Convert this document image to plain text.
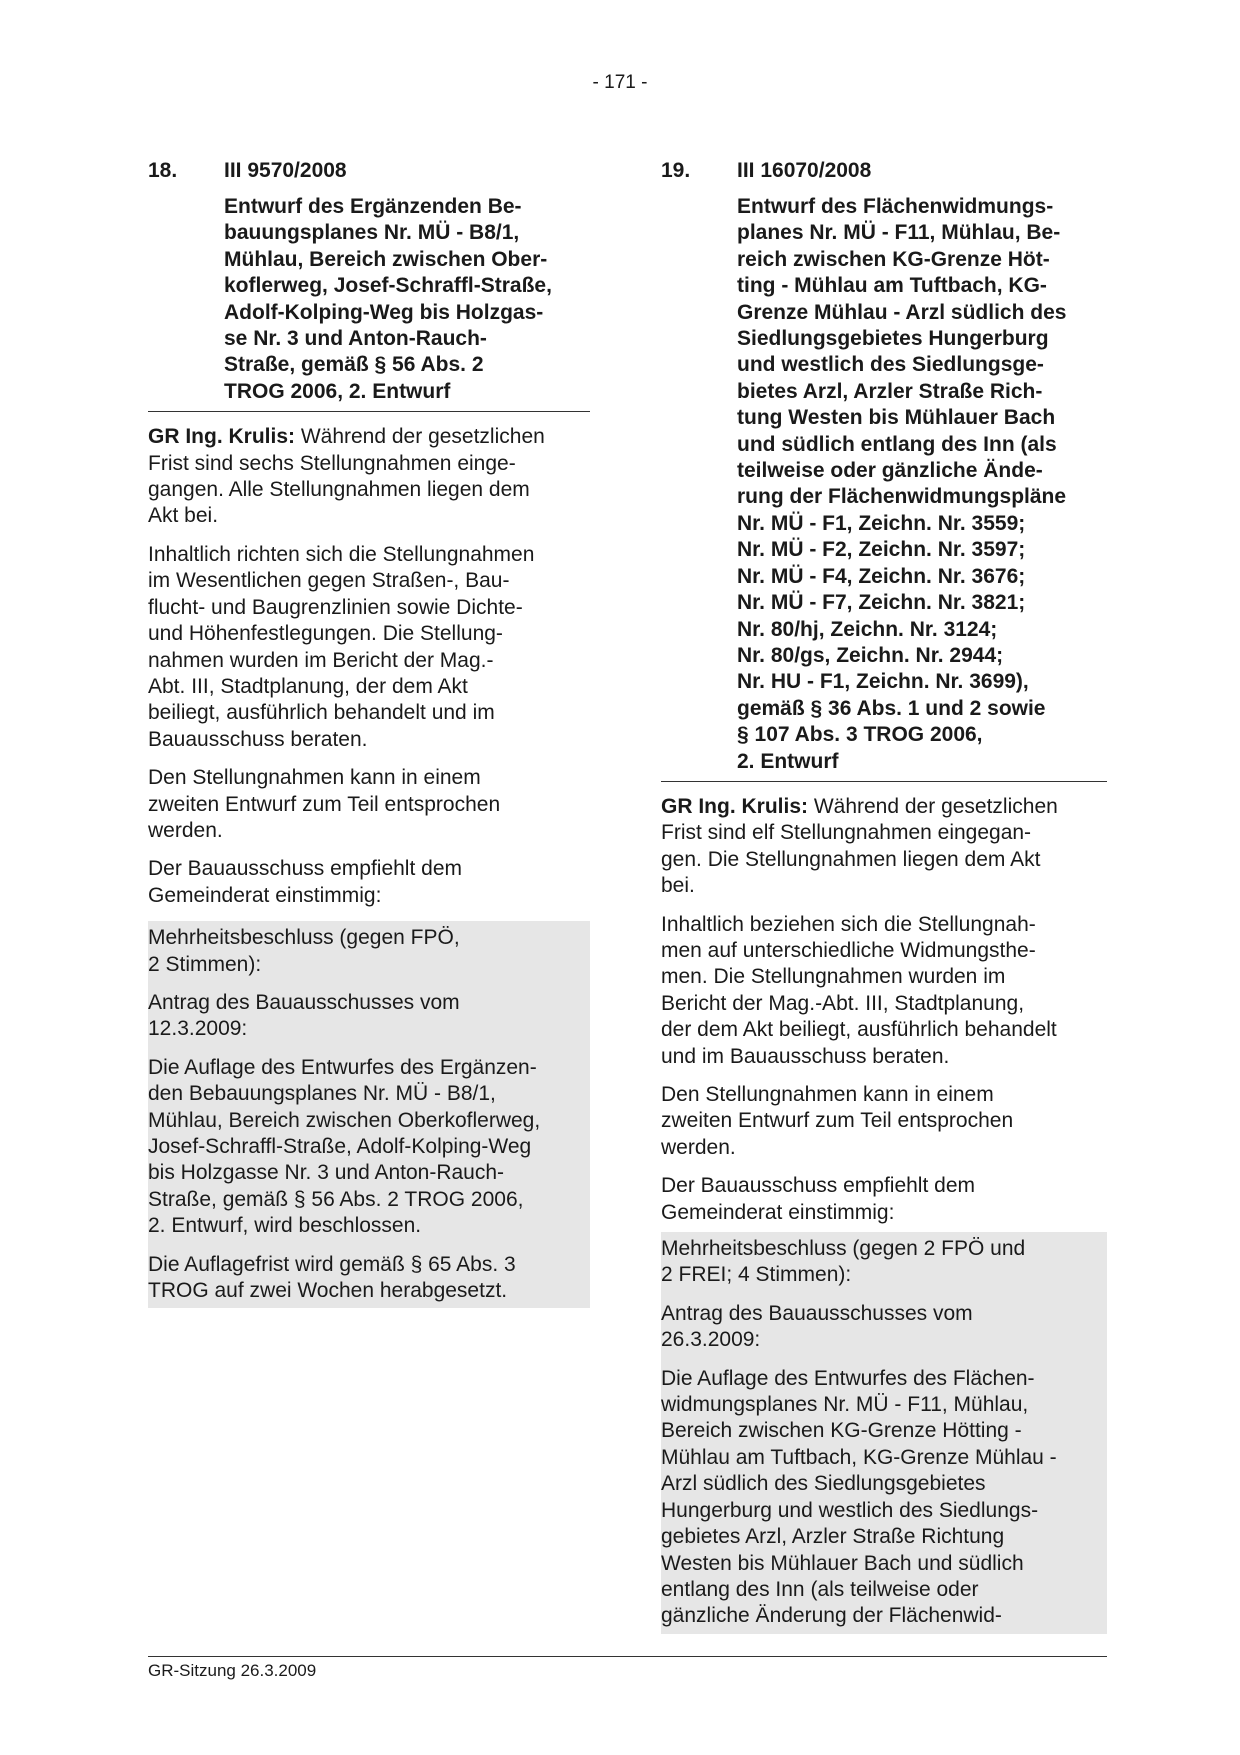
- 171 -
18.	III 9570/2008
Entwurf des Ergänzenden Be-
bauungsplanes Nr. MÜ - B8/1,
Mühlau, Bereich zwischen Ober-
koflerweg, Josef-Schraffl-Straße,
Adolf-Kolping-Weg bis Holzgas-
se Nr. 3 und Anton-Rauch-
Straße, gemäß § 56 Abs. 2
TROG 2006, 2. Entwurf

GR Ing. Krulis: Während der gesetzlichen
Frist sind sechs Stellungnahmen einge-
gangen. Alle Stellungnahmen liegen dem
Akt bei.

Inhaltlich richten sich die Stellungnahmen
im Wesentlichen gegen Straßen-, Bau-
flucht- und Baugrenzlinien sowie Dichte-
und Höhenfestlegungen. Die Stellung-
nahmen wurden im Bericht der Mag.-
Abt. III, Stadtplanung, der dem Akt
beiliegt, ausführlich behandelt und im
Bauausschuss beraten.

Den Stellungnahmen kann in einem
zweiten Entwurf zum Teil entsprochen
werden.

Der Bauausschuss empfiehlt dem
Gemeinderat einstimmig:

Mehrheitsbeschluss (gegen FPÖ,
2 Stimmen):

Antrag des Bauausschusses vom
12.3.2009:

Die Auflage des Entwurfes des Ergänzen-
den Bebauungsplanes Nr. MÜ - B8/1,
Mühlau, Bereich zwischen Oberkoflerweg,
Josef-Schraffl-Straße, Adolf-Kolping-Weg
bis Holzgasse Nr. 3 und Anton-Rauch-
Straße, gemäß § 56 Abs. 2 TROG 2006,
2. Entwurf, wird beschlossen.

Die Auflagefrist wird gemäß § 65 Abs. 3
TROG auf zwei Wochen herabgesetzt.

19.	III 16070/2008
Entwurf des Flächenwidmungs-
planes Nr. MÜ - F11, Mühlau, Be-
reich zwischen KG-Grenze Höt-
ting - Mühlau am Tuftbach, KG-
Grenze Mühlau - Arzl südlich des
Siedlungsgebietes Hungerburg
und westlich des Siedlungsge-
bietes Arzl, Arzler Straße Rich-
tung Westen bis Mühlauer Bach
und südlich entlang des Inn (als
teilweise oder gänzliche Ände-
rung der Flächenwidmungspläne
Nr. MÜ - F1, Zeichn. Nr. 3559;
Nr. MÜ - F2, Zeichn. Nr. 3597;
Nr. MÜ - F4, Zeichn. Nr. 3676;
Nr. MÜ - F7, Zeichn. Nr. 3821;
Nr. 80/hj, Zeichn. Nr. 3124;
Nr. 80/gs, Zeichn. Nr. 2944;
Nr. HU - F1, Zeichn. Nr. 3699),
gemäß § 36 Abs. 1 und 2 sowie
§ 107 Abs. 3 TROG 2006,
2. Entwurf

GR Ing. Krulis: Während der gesetzlichen
Frist sind elf Stellungnahmen eingegan-
gen. Die Stellungnahmen liegen dem Akt
bei.

Inhaltlich beziehen sich die Stellungnah-
men auf unterschiedliche Widmungsthe-
men. Die Stellungnahmen wurden im
Bericht der Mag.-Abt. III, Stadtplanung,
der dem Akt beiliegt, ausführlich behandelt
und im Bauausschuss beraten.

Den Stellungnahmen kann in einem
zweiten Entwurf zum Teil entsprochen
werden.

Der Bauausschuss empfiehlt dem
Gemeinderat einstimmig:

Mehrheitsbeschluss (gegen 2 FPÖ und
2 FREI; 4 Stimmen):

Antrag des Bauausschusses vom
26.3.2009:

Die Auflage des Entwurfes des Flächen-
widmungsplanes Nr. MÜ - F11, Mühlau,
Bereich zwischen KG-Grenze Hötting -
Mühlau am Tuftbach, KG-Grenze Mühlau -
Arzl südlich des Siedlungsgebietes
Hungerburg und westlich des Siedlungs-
gebietes Arzl, Arzler Straße Richtung
Westen bis Mühlauer Bach und südlich
entlang des Inn (als teilweise oder
gänzliche Änderung der Flächenwid-

GR-Sitzung 26.3.2009
